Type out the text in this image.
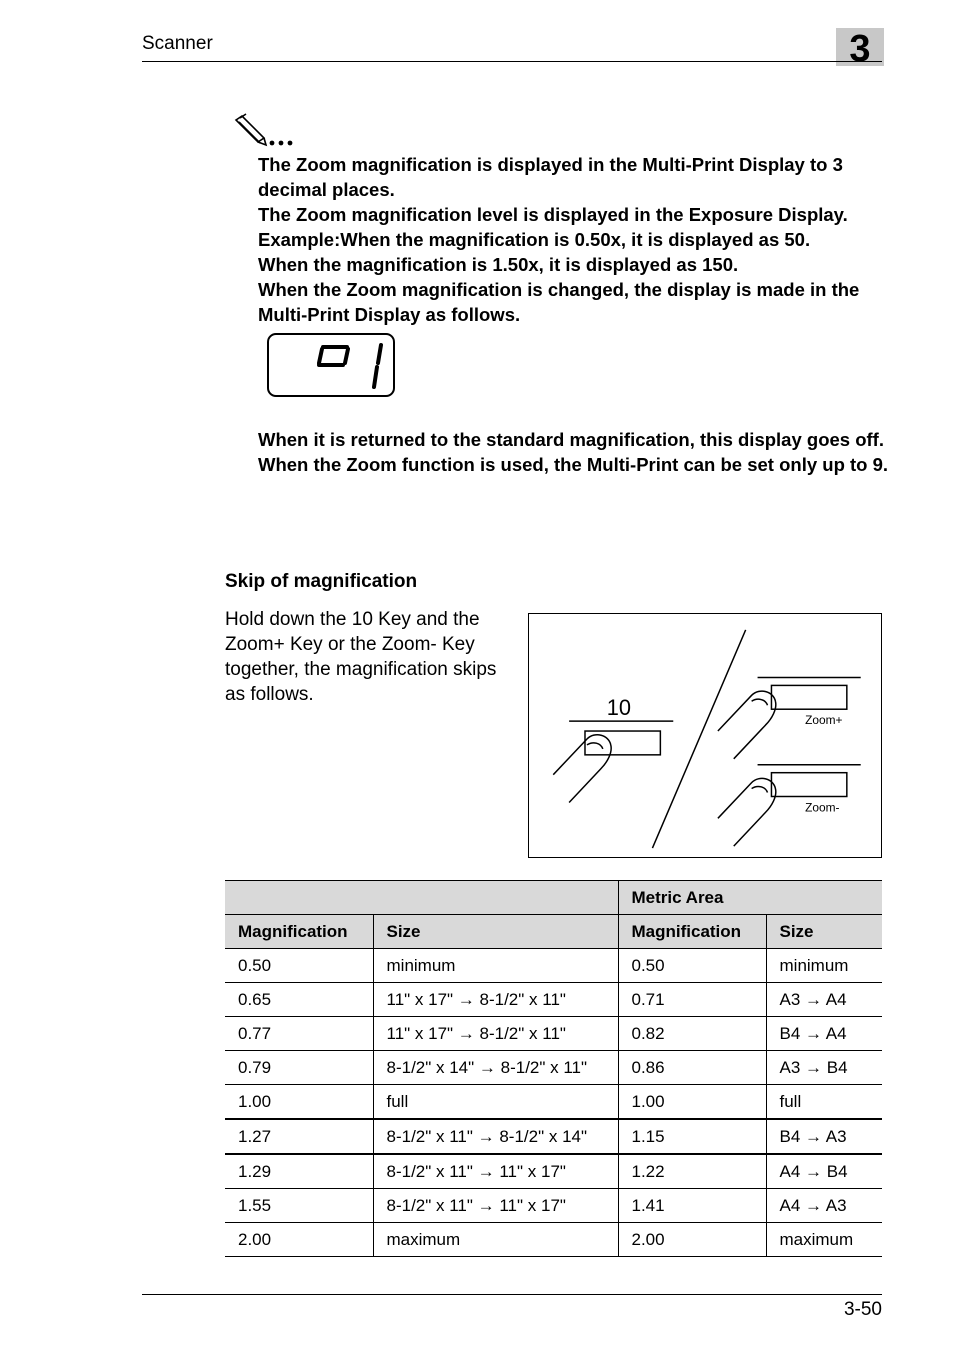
Scanner	3

The Zoom magnification is displayed in the Multi-Print Display to 3 decimal places.

The Zoom magnification level is displayed in the Exposure Display.

Example:When the magnification is 0.50x, it is displayed as 50.

When the magnification is 1.50x, it is displayed as 150.

When the Zoom magnification is changed, the display is made in the Multi-Print Display as follows.

01

When it is returned to the standard magnification, this display goes off.

When the Zoom function is used, the Multi-Print can be set only up to 9.

Skip of magnification
Hold down the 10 Key and the Zoom+ Key or the Zoom- Key together, the magnification skips as follows.
10	Zoom+
Zoom-
		Metric Area	
Magnification	Size	Magnification	Size
0.50	minimum	0.50	minimum
0.65	11" x 17" → 8-1/2" x 11"	0.71	A3 → A4
0.77	11" x 17" → 8-1/2" x 11"	0.82	B4 → A4
0.79	8-1/2" x 14" → 8-1/2" x 11"	0.86	A3 → B4
1.00	full	1.00	full
1.27	8-1/2" x 11" → 8-1/2" x 14"	1.15	B4 → A3
1.29	8-1/2" x 11" → 11" x 17"	1.22	A4 → B4
1.55	8-1/2" x 11" → 11" x 17"	1.41	A4 → A3
2.00	maximum	2.00	maximum
3-50
